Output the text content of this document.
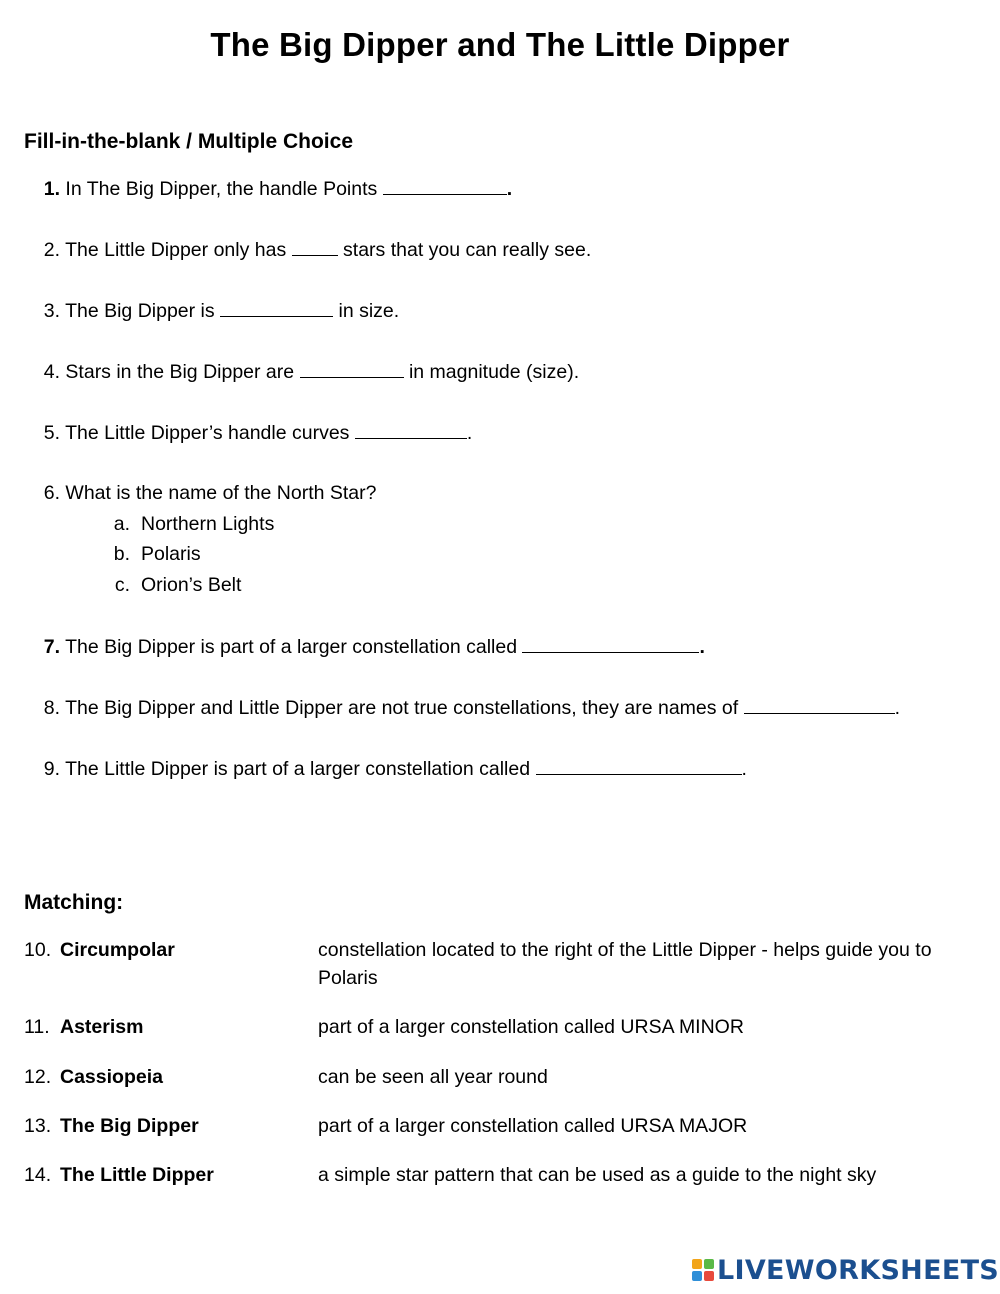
The Big Dipper and The Little Dipper
Fill-in-the-blank / Multiple Choice
1. In The Big Dipper, the handle Points	.
2. The Little Dipper only has  stars that you can really see.
3. The Big Dipper is	in size.
4. Stars in the Big Dipper are	in magnitude (size).
5. The Little Dipper’s handle curves	.
6. What is the name of the North Star?
a. Northern Lights
b. Polaris
c. Orion’s Belt
7. The Big Dipper is part of a larger constellation called	.
8. The Big Dipper and Little Dipper are not true constellations, they are names of	.
9. The Little Dipper is part of a larger constellation called	.
Matching:
10. Circumpolar	constellation located to the right of the Little Dipper - helps guide you to Polaris
11. Asterism	part of a larger constellation called URSA MINOR
12. Cassiopeia	can be seen all year round
13. The Big Dipper	part of a larger constellation called URSA MAJOR
14. The Little Dipper	a simple star pattern that can be used as a guide to the night sky
LIVEWORKSHEETS
